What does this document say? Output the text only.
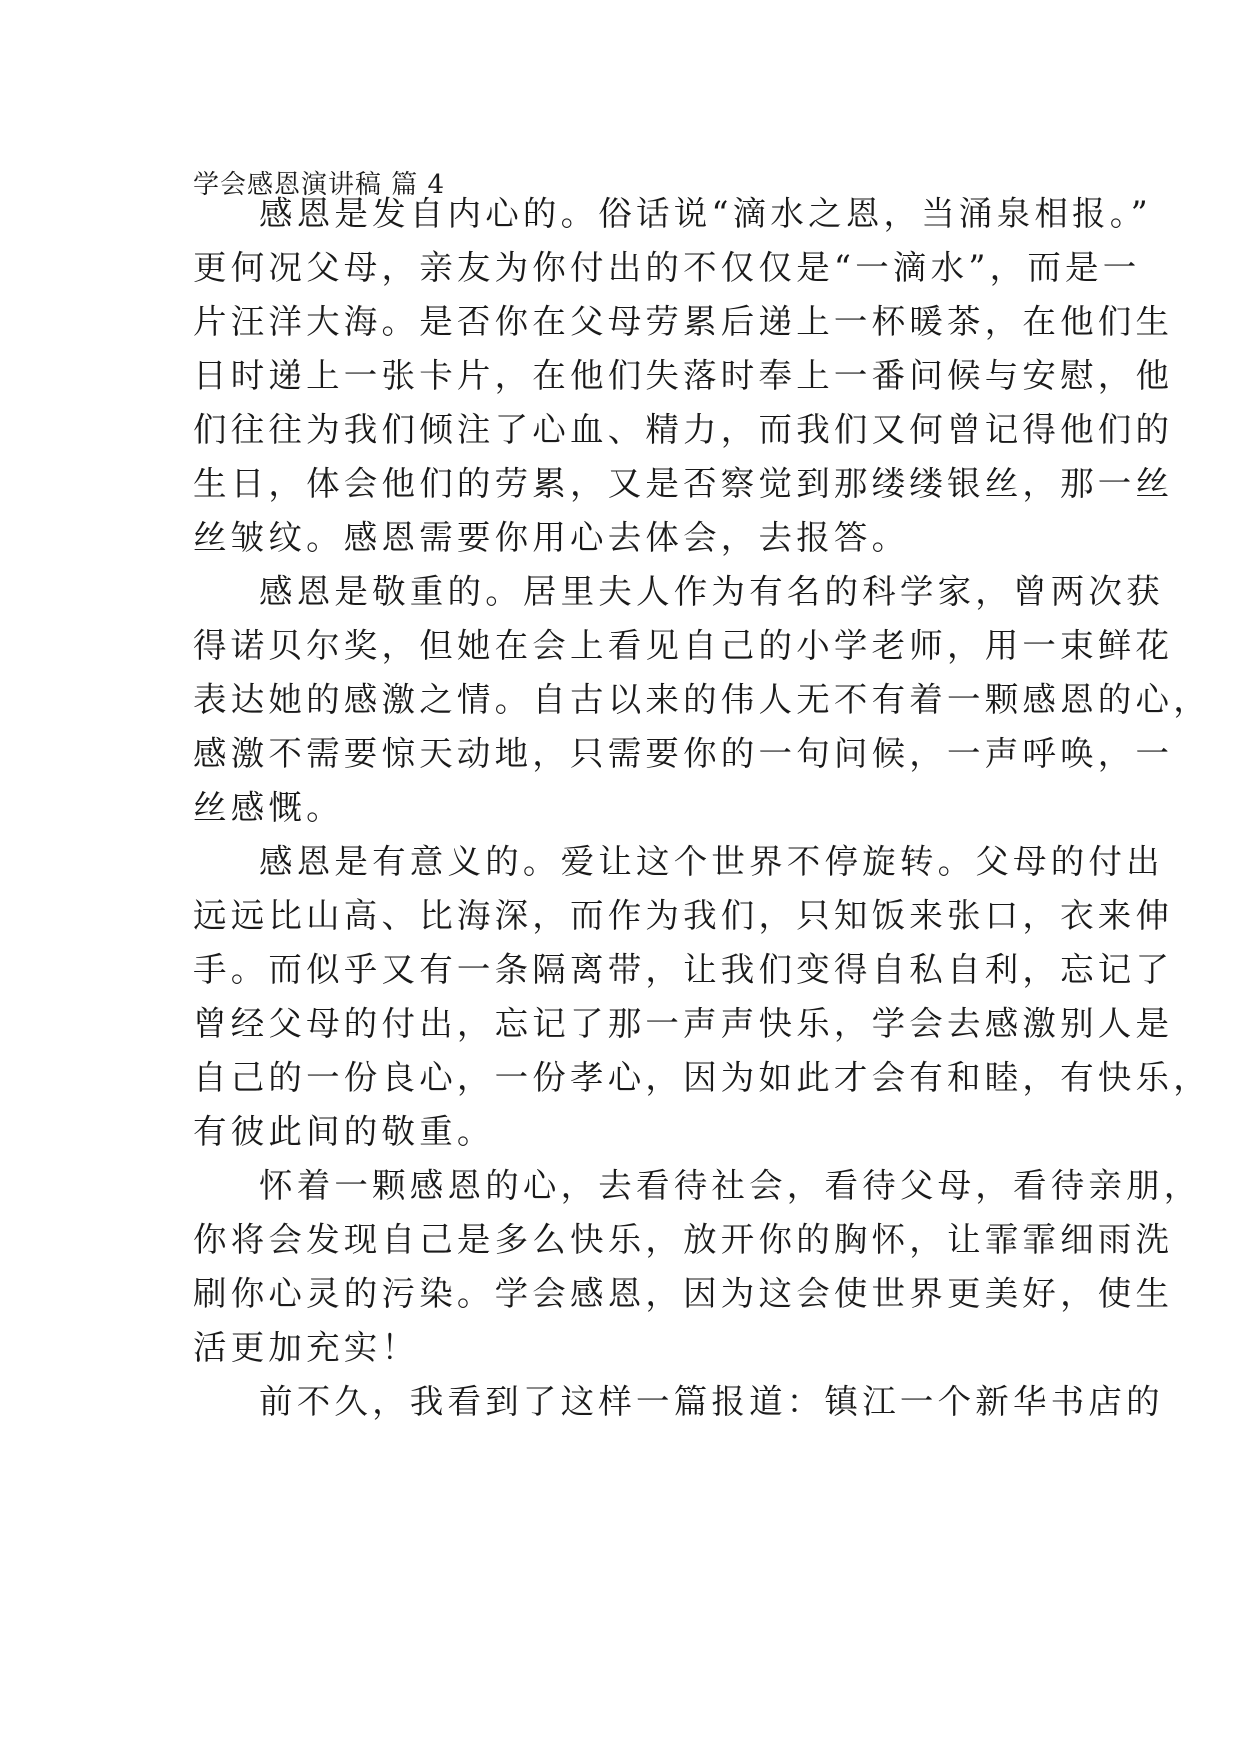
学会感恩演讲稿 篇 4
感恩是发自内心的。俗话说“滴水之恩，当涌泉相报。”
更何况父母，亲友为你付出的不仅仅是“一滴水”，而是一
片汪洋大海。是否你在父母劳累后递上一杯暖茶，在他们生
日时递上一张卡片，在他们失落时奉上一番问候与安慰，他
们往往为我们倾注了心血、精力，而我们又何曾记得他们的
生日，体会他们的劳累，又是否察觉到那缕缕银丝，那一丝
丝皱纹。感恩需要你用心去体会，去报答。
感恩是敬重的。居里夫人作为有名的科学家，曾两次获
得诺贝尔奖，但她在会上看见自己的小学老师，用一束鲜花
表达她的感激之情。自古以来的伟人无不有着一颗感恩的心，
感激不需要惊天动地，只需要你的一句问候，一声呼唤，一
丝感慨。
感恩是有意义的。爱让这个世界不停旋转。父母的付出
远远比山高、比海深，而作为我们，只知饭来张口，衣来伸
手。而似乎又有一条隔离带，让我们变得自私自利，忘记了
曾经父母的付出，忘记了那一声声快乐，学会去感激别人是
自己的一份良心，一份孝心，因为如此才会有和睦，有快乐，
有彼此间的敬重。
怀着一颗感恩的心，去看待社会，看待父母，看待亲朋，
你将会发现自己是多么快乐，放开你的胸怀，让霏霏细雨洗
刷你心灵的污染。学会感恩，因为这会使世界更美好，使生
活更加充实！
前不久，我看到了这样一篇报道：镇江一个新华书店的
